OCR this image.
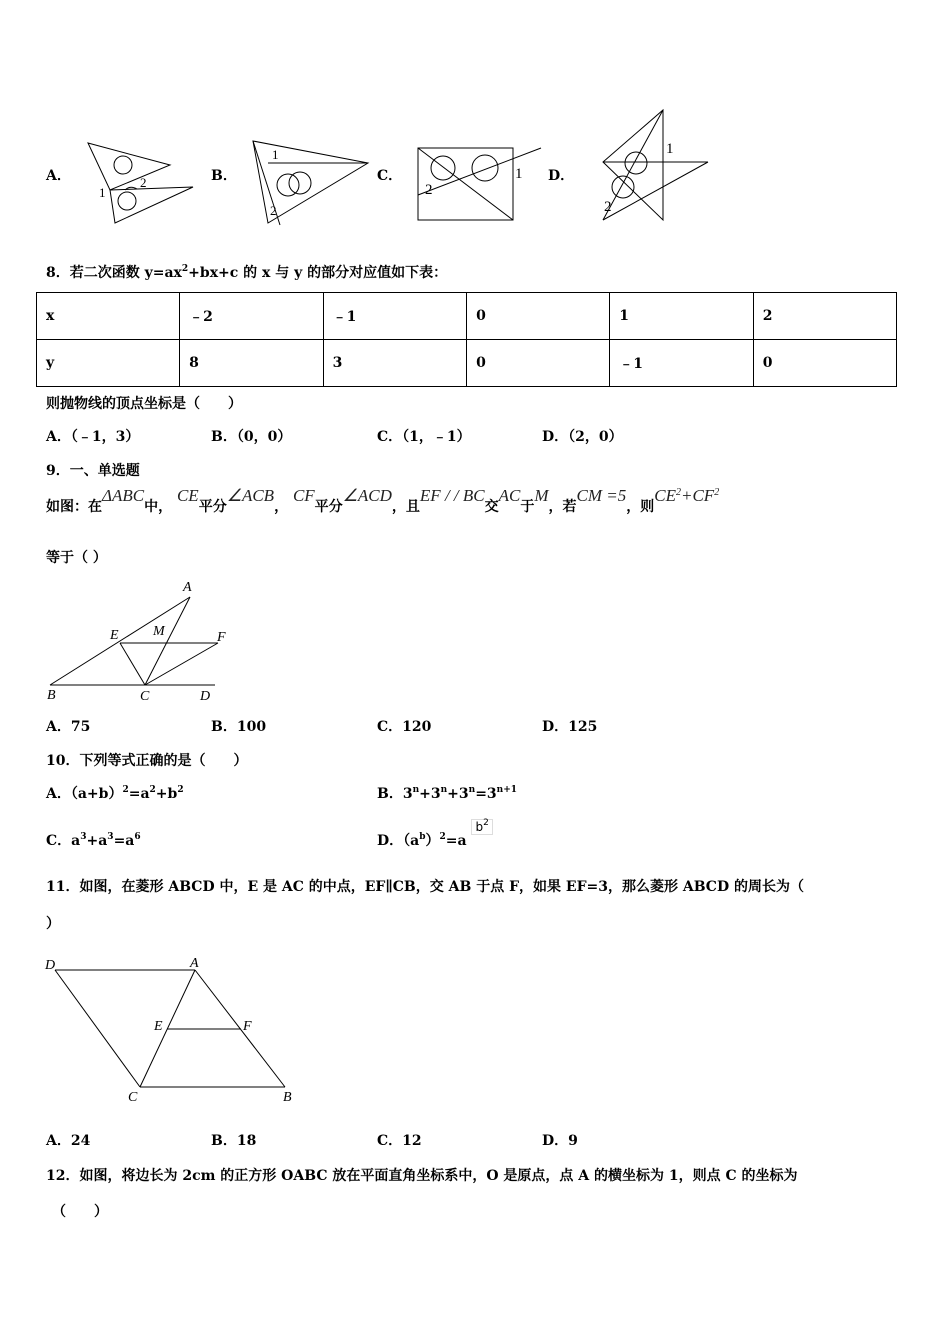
A．
1
2	B．
1
2
C．	1
2
D．
1
2
8．若二次函数 $y=ax^2+bx+c$ 的 x 与 y 的部分对应值如下表：
x	﹣2	﹣1	0	1	2
y	8	3	0	﹣1	0
则抛物线的顶点坐标是（　　）
A．（﹣1，3）	B．（0，0）	C．（1，﹣1）	D．（2，0）
9．一、单选题
如图：在ΔABC中， CE平分∠ACB， CF平分∠ACD，且EF / / BC交AC于M，若CM =5，则$CE^2+CF^2$
等于（ ）
A
E M	F
B	C	D
A．75	B．100	C．120	D．125
10．下列等式正确的是（　　）
A．$(a+b)^2=a^2+b^2$	B．$3^n+3^n+3^n=3^{n+1}$
C．$a^3+a^3=a^6$	D．$(a^b)^2=a$ $b^2$
11．如图，在菱形 ABCD 中，E 是 AC 的中点，EF∥CB，交 AB 于点 F，如果 EF=3，那么菱形 ABCD 的周长为（
）
D	A
E	F
C	B
A．24	B．18	C．12	D．9
12．如图，将边长为 2cm 的正方形 OABC 放在平面直角坐标系中，O 是原点，点 A 的横坐标为 1，则点 C 的坐标为
（　　）
